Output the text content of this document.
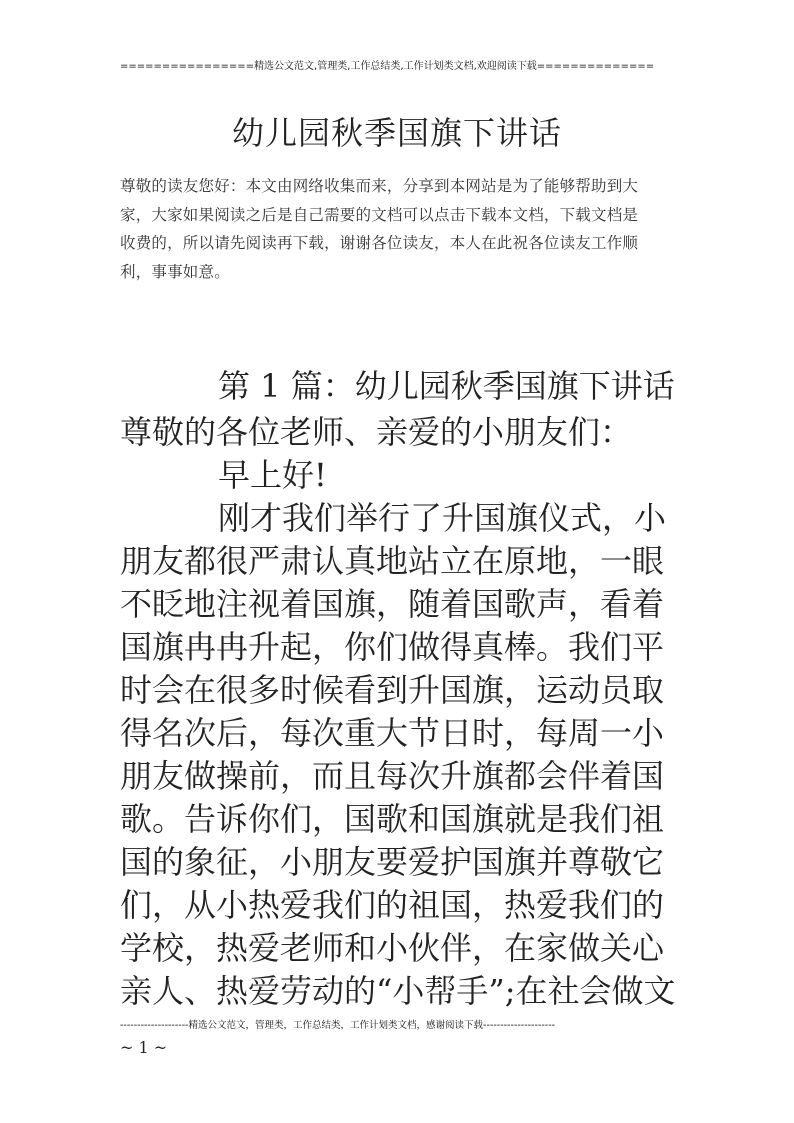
================精选公文范文,管理类,工作总结类,工作计划类文档,欢迎阅读下载==============
幼儿园秋季国旗下讲话
尊敬的读友您好：本文由网络收集而来，分享到本网站是为了能够帮助到大
家，大家如果阅读之后是自己需要的文档可以点击下载本文档，下载文档是
收费的，所以请先阅读再下载，谢谢各位读友，本人在此祝各位读友工作顺
利，事事如意。
第 1 篇：幼儿园秋季国旗下讲话
尊敬的各位老师、亲爱的小朋友们：
早上好!
刚才我们举行了升国旗仪式，小
朋友都很严肃认真地站立在原地，一眼
不眨地注视着国旗，随着国歌声，看着
国旗冉冉升起，你们做得真棒。我们平
时会在很多时候看到升国旗，运动员取
得名次后，每次重大节日时，每周一小
朋友做操前，而且每次升旗都会伴着国
歌。告诉你们，国歌和国旗就是我们祖
国的象征，小朋友要爱护国旗并尊敬它
们，从小热爱我们的祖国，热爱我们的
学校，热爱老师和小伙伴，在家做关心
亲人、热爱劳动的“小帮手”;在社会做文
--------------------精选公文范文，管理类，工作总结类，工作计划类文档，感谢阅读下载---------------------
~ 1 ~
